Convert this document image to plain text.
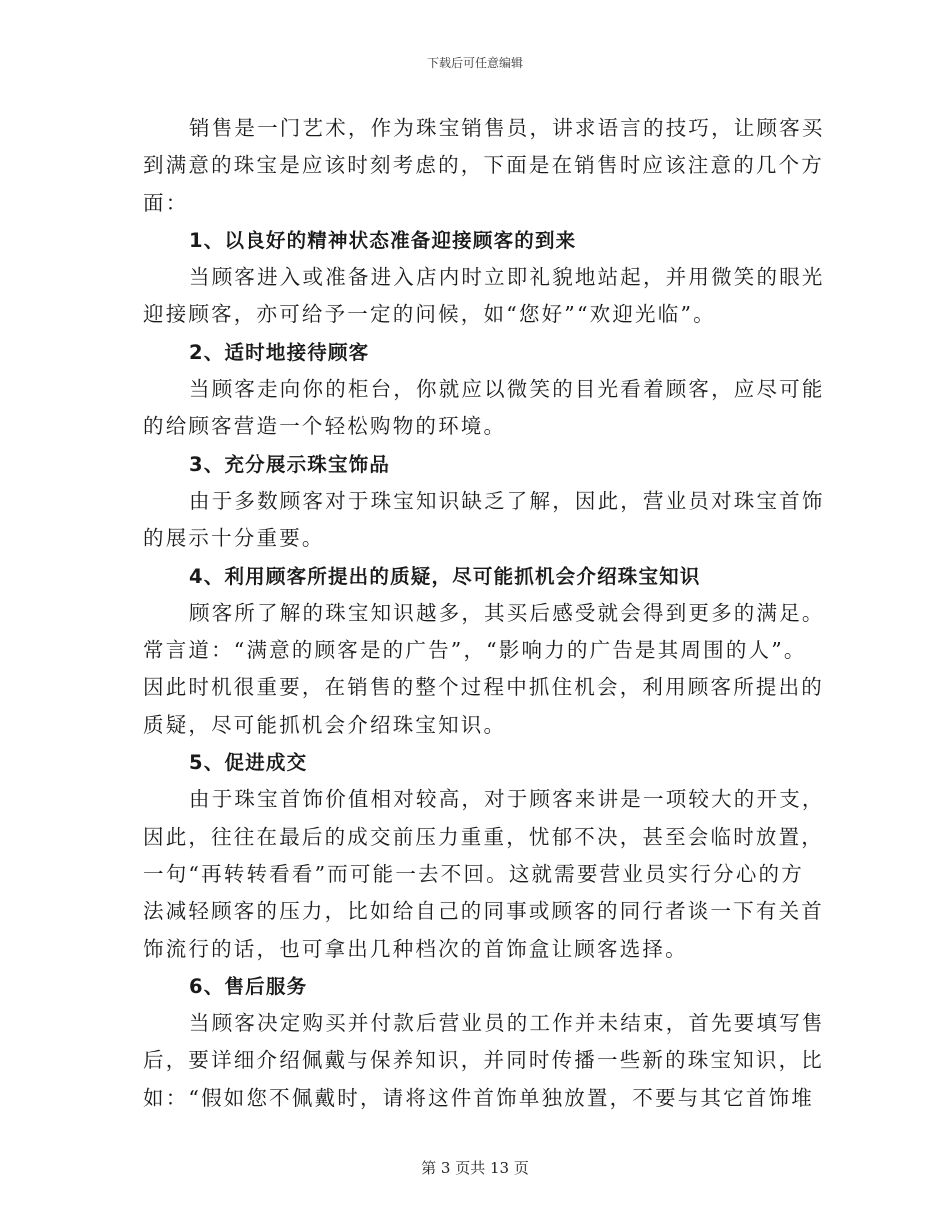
下载后可任意编辑

销售是一门艺术，作为珠宝销售员，讲求语言的技巧，让顾客买
到满意的珠宝是应该时刻考虑的，下面是在销售时应该注意的几个方
面：

1、以良好的精神状态准备迎接顾客的到来

当顾客进入或准备进入店内时立即礼貌地站起，并用微笑的眼光
迎接顾客，亦可给予一定的问候，如“您好”“欢迎光临”。

2、适时地接待顾客

当顾客走向你的柜台，你就应以微笑的目光看着顾客，应尽可能
的给顾客营造一个轻松购物的环境。

3、充分展示珠宝饰品

由于多数顾客对于珠宝知识缺乏了解，因此，营业员对珠宝首饰
的展示十分重要。

4、利用顾客所提出的质疑，尽可能抓机会介绍珠宝知识

顾客所了解的珠宝知识越多，其买后感受就会得到更多的满足。
常言道：“满意的顾客是的广告”，“影响力的广告是其周围的人”。
因此时机很重要，在销售的整个过程中抓住机会，利用顾客所提出的
质疑，尽可能抓机会介绍珠宝知识。

5、促进成交

由于珠宝首饰价值相对较高，对于顾客来讲是一项较大的开支，
因此，往往在最后的成交前压力重重，忧郁不决，甚至会临时放置，
一句“再转转看看”而可能一去不回。这就需要营业员实行分心的方
法减轻顾客的压力，比如给自己的同事或顾客的同行者谈一下有关首
饰流行的话，也可拿出几种档次的首饰盒让顾客选择。

6、售后服务

当顾客决定购买并付款后营业员的工作并未结束，首先要填写售
后，要详细介绍佩戴与保养知识，并同时传播一些新的珠宝知识，比
如：“假如您不佩戴时，请将这件首饰单独放置，不要与其它首饰堆

第 3 页共 13 页
